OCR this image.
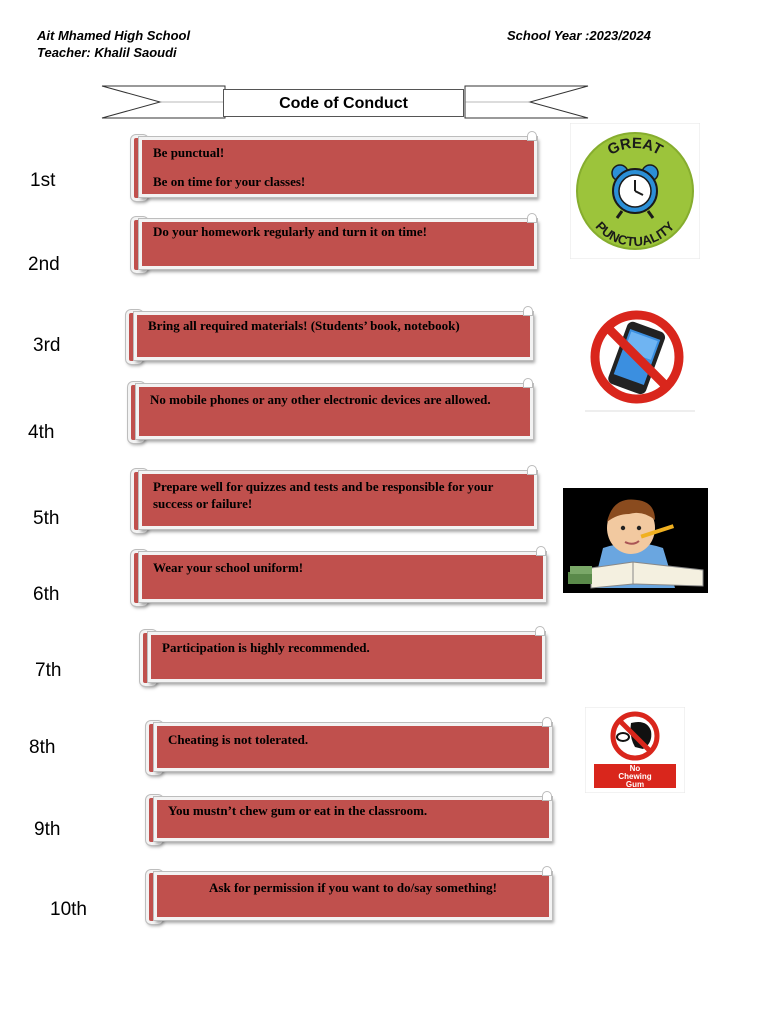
Ait Mhamed High School
Teacher: Khalil Saoudi
School Year :2023/2024
Code of Conduct
1st
2nd
3rd
4th
5th
6th
7th
8th
9th
10th

Be punctual!

Be on time for your classes!

Do your homework regularly and turn it on time!

Bring all required materials! (Students’ book, notebook)

No mobile phones or any other electronic devices are allowed.

Prepare well for quizzes and tests and be responsible for your success or failure!

Wear your school uniform!

Participation is highly recommended.

Cheating is not tolerated.

You mustn’t chew gum or eat in the classroom.

Ask for permission if you want to do/say something!

GREAT
PUNCTUALITY
No
Chewing
Gum
